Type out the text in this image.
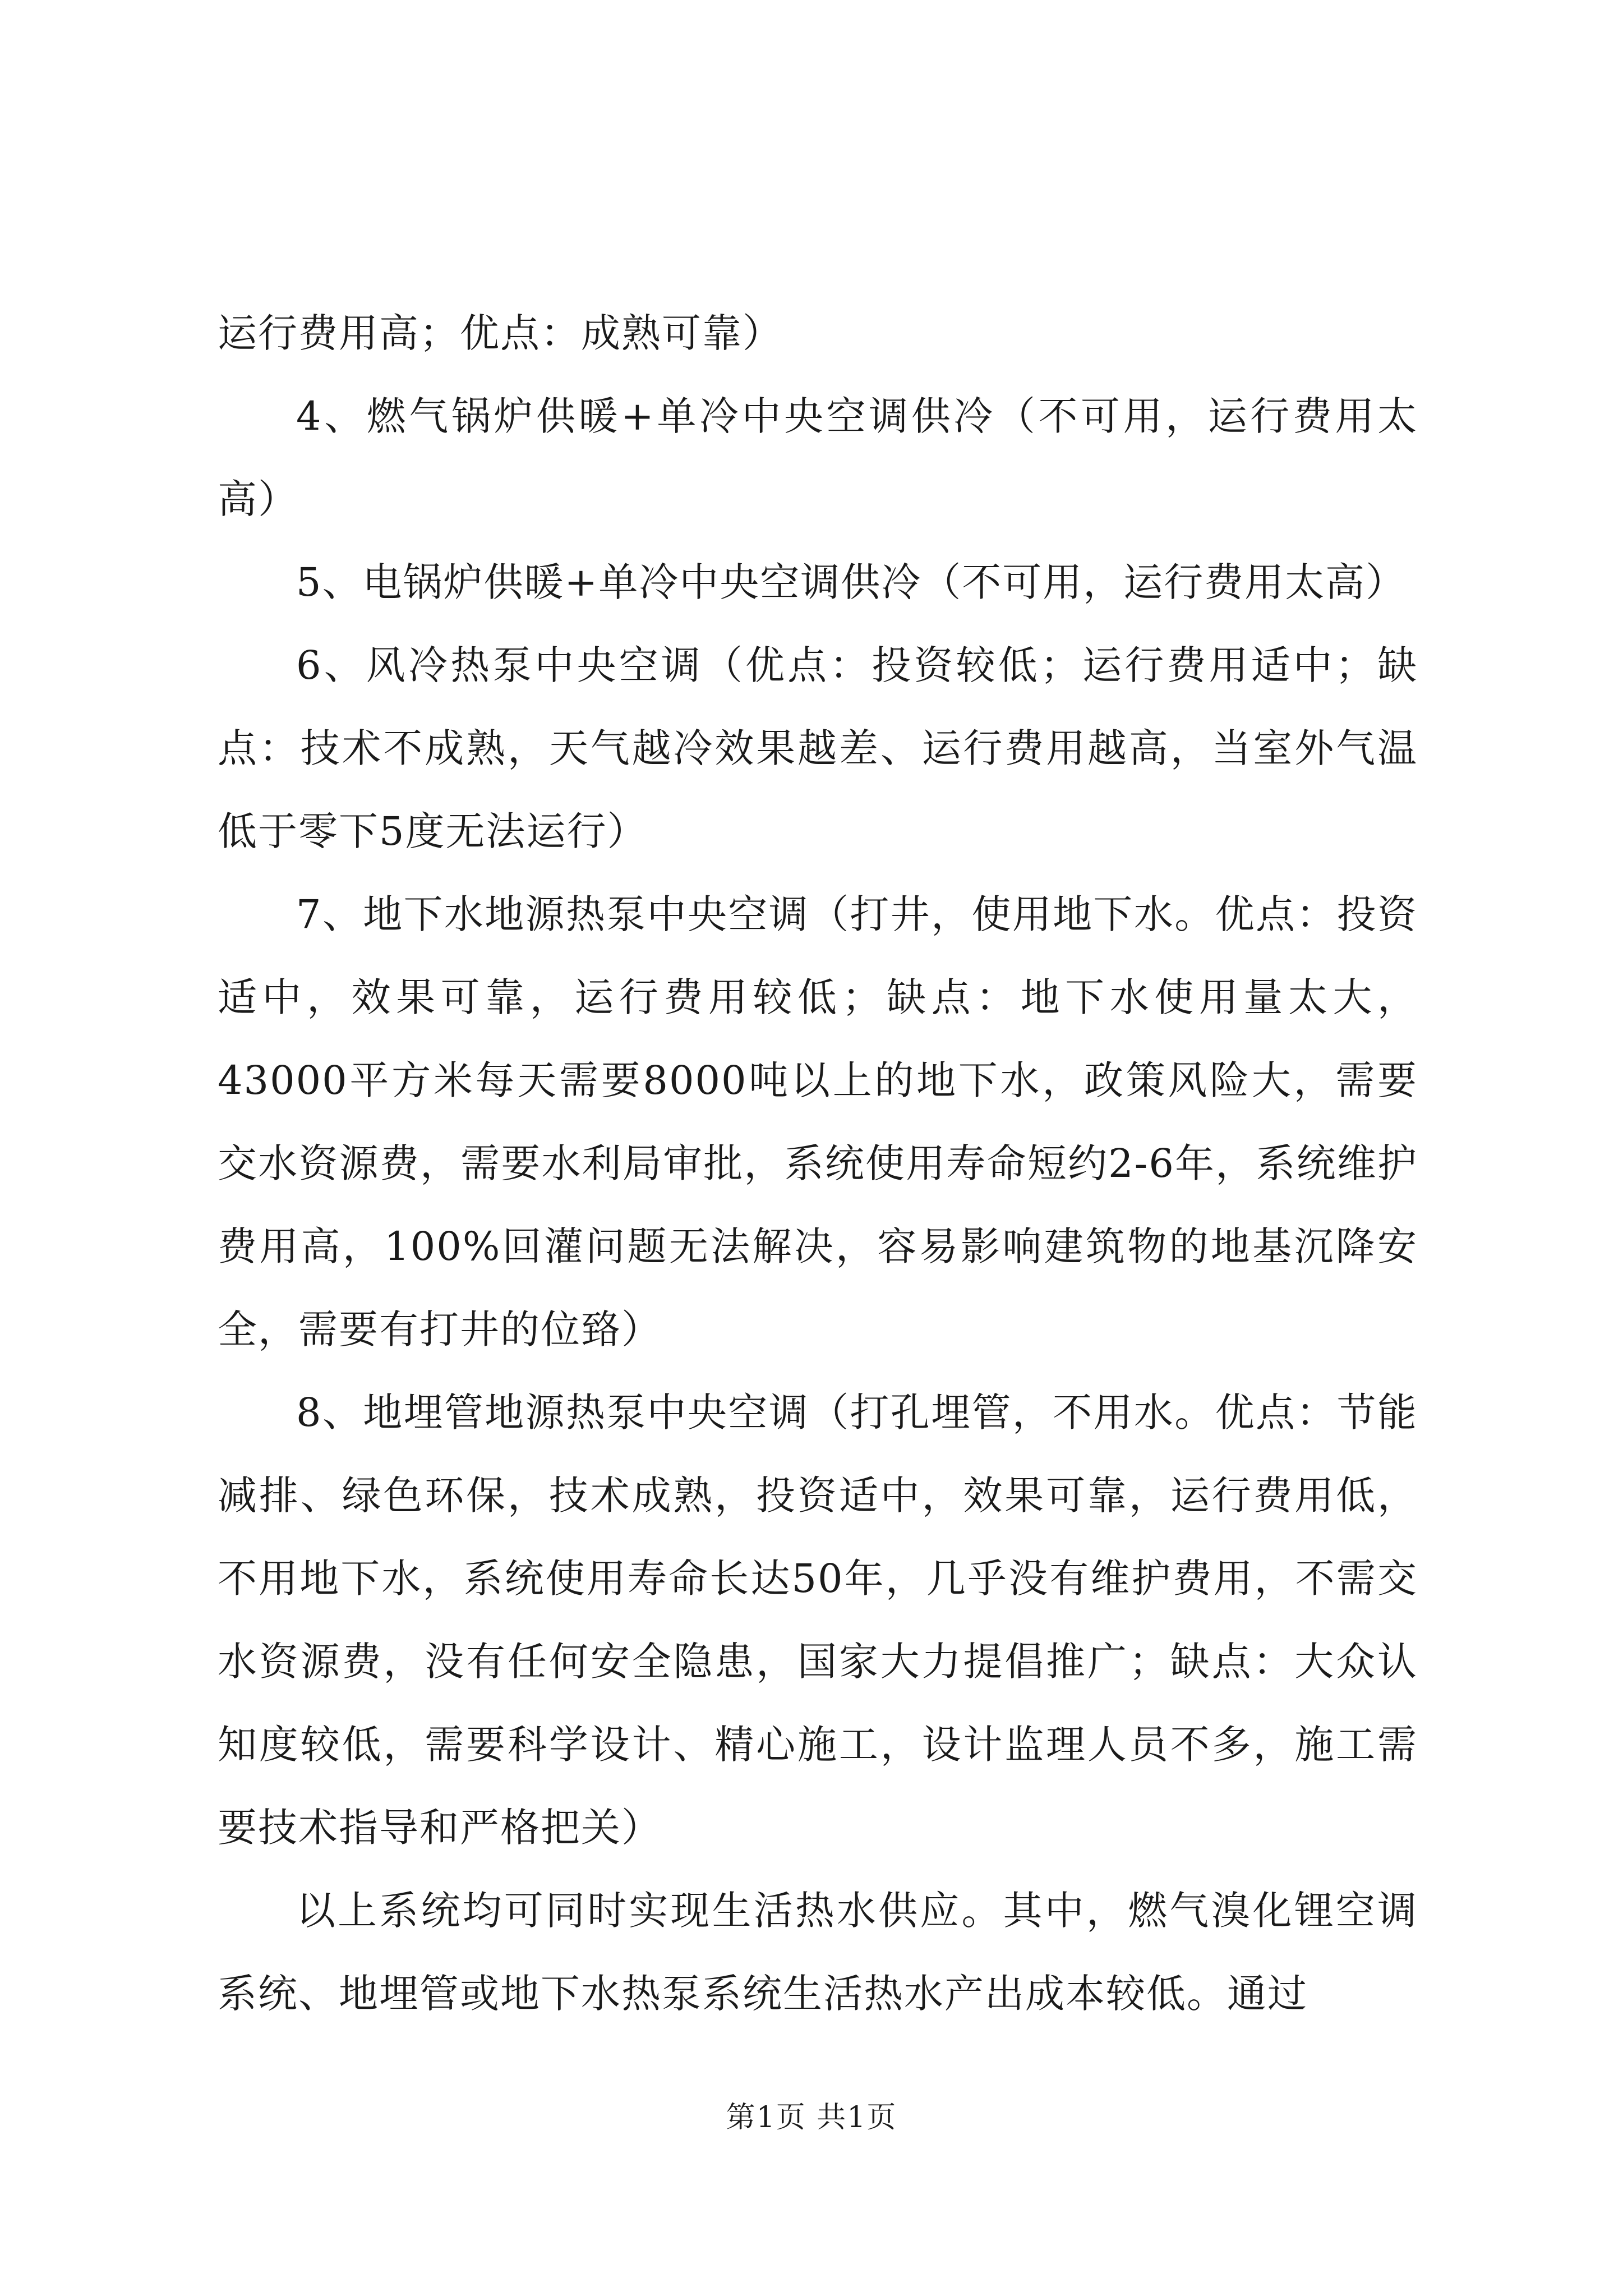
运行费用高；优点：成熟可靠）

4、燃气锅炉供暖+单冷中央空调供冷（不可用，运行费用太高）

5、电锅炉供暖+单冷中央空调供冷（不可用，运行费用太高）

6、风冷热泵中央空调（优点：投资较低；运行费用适中；缺点：技术不成熟，天气越冷效果越差、运行费用越高，当室外气温低于零下5度无法运行）

7、地下水地源热泵中央空调（打井，使用地下水。优点：投资适中，效果可靠，运行费用较低；缺点：地下水使用量太大，43000平方米每天需要8000吨以上的地下水，政策风险大，需要交水资源费，需要水利局审批，系统使用寿命短约2-6年，系统维护费用高，100%回灌问题无法解决，容易影响建筑物的地基沉降安全，需要有打井的位臵）

8、地埋管地源热泵中央空调（打孔埋管，不用水。优点：节能减排、绿色环保，技术成熟，投资适中，效果可靠，运行费用低，不用地下水，系统使用寿命长达50年，几乎没有维护费用，不需交水资源费，没有任何安全隐患，国家大力提倡推广；缺点：大众认知度较低，需要科学设计、精心施工，设计监理人员不多，施工需要技术指导和严格把关）

以上系统均可同时实现生活热水供应。其中，燃气溴化锂空调系统、地埋管或地下水热泵系统生活热水产出成本较低。通过

第1页 共1页
